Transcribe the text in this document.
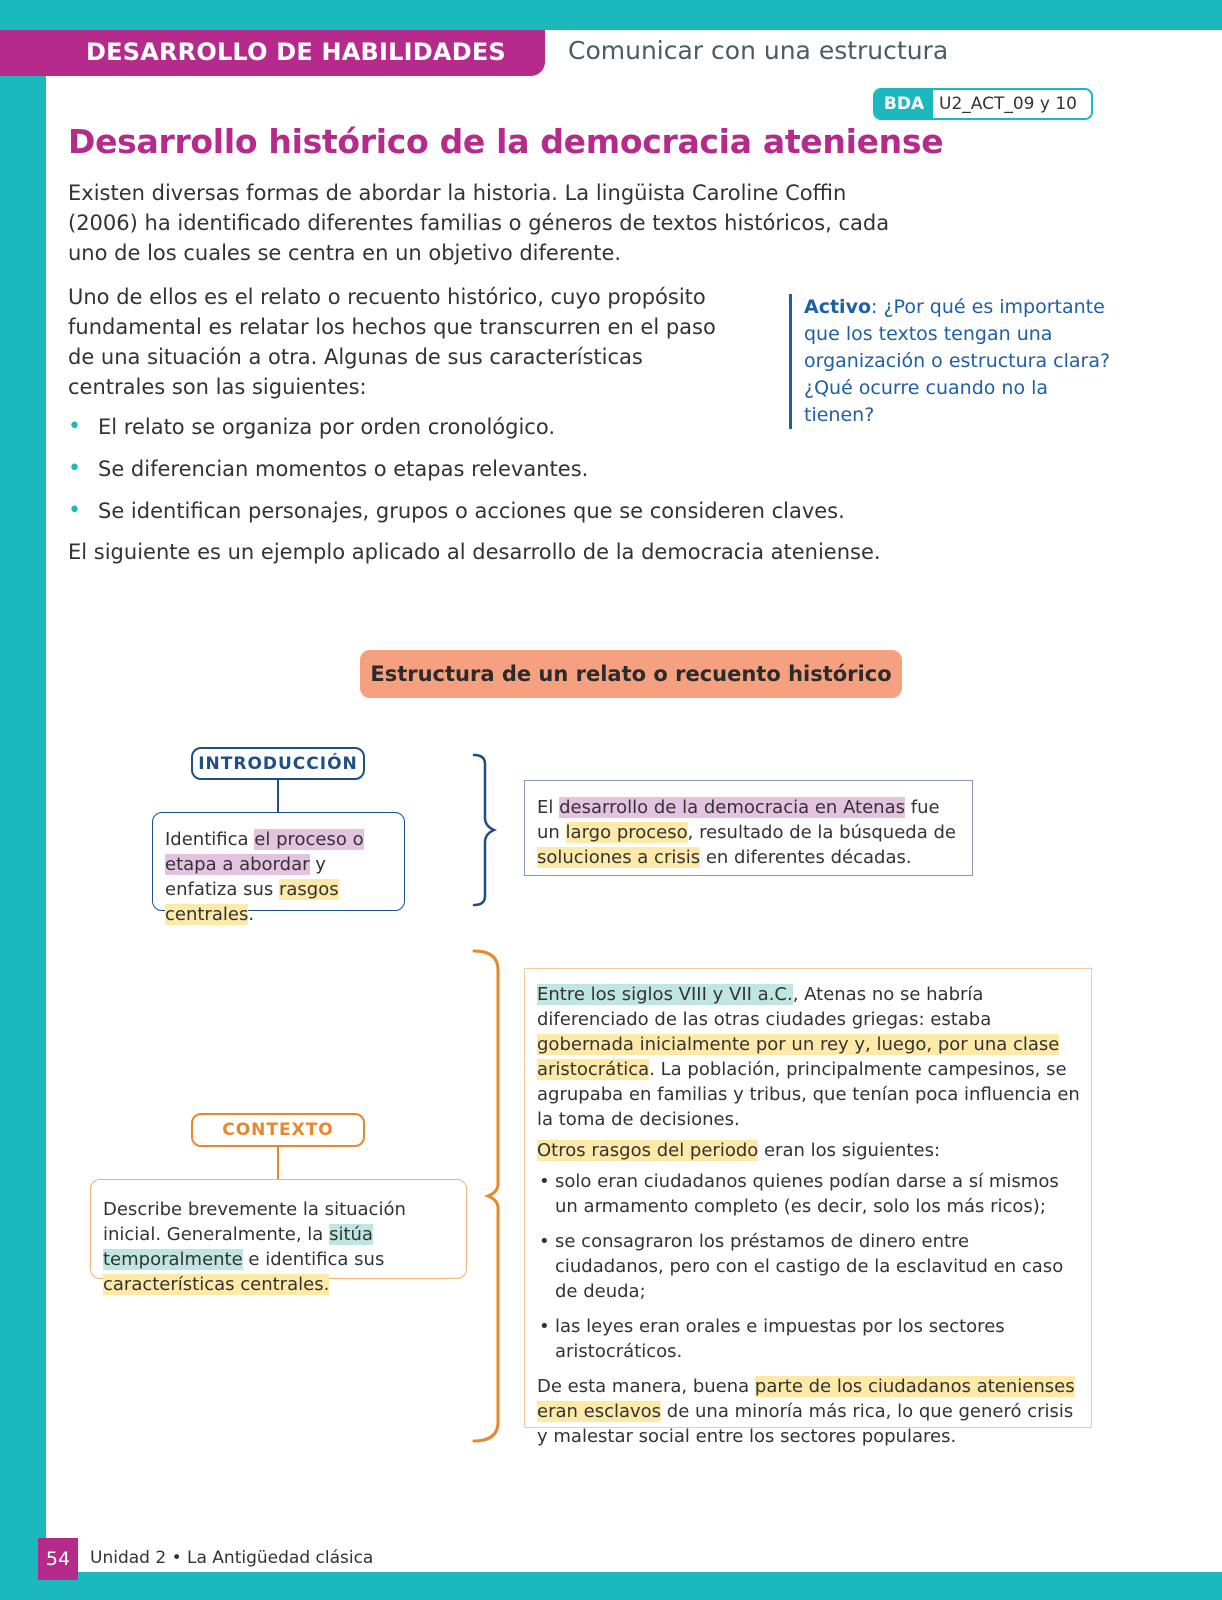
DESARROLLO DE HABILIDADES Comunicar con una estructura
BDA U2_ACT_09 y 10
Desarrollo histórico de la democracia ateniense

Existen diversas formas de abordar la historia. La lingüista Caroline Coffin (2006) ha identificado diferentes familias o géneros de textos históricos, cada uno de los cuales se centra en un objetivo diferente.

Uno de ellos es el relato o recuento histórico, cuyo propósito fundamental es relatar los hechos que transcurren en el paso de una situación a otra. Algunas de sus características centrales son las siguientes:

• El relato se organiza por orden cronológico.
• Se diferencian momentos o etapas relevantes.
• Se identifican personajes, grupos o acciones que se consideren claves.

El siguiente es un ejemplo aplicado al desarrollo de la democracia ateniense.

Activo: ¿Por qué es importante que los textos tengan una organización o estructura clara? ¿Qué ocurre cuando no la tienen?
Estructura de un relato o recuento histórico
INTRODUCCIÓN
Identifica el proceso o etapa a abordar y enfatiza sus rasgos centrales.
El desarrollo de la democracia en Atenas fue un largo proceso, resultado de la búsqueda de soluciones a crisis en diferentes décadas.
CONTEXTO
Describe brevemente la situación inicial. Generalmente, la sitúa temporalmente e identifica sus características centrales.

Entre los siglos VIII y VII a.C., Atenas no se habría diferenciado de las otras ciudades griegas: estaba gobernada inicialmente por un rey y, luego, por una clase aristocrática. La población, principalmente campesinos, se agrupaba en familias y tribus, que tenían poca influencia en la toma de decisiones.

Otros rasgos del periodo eran los siguientes:

• solo eran ciudadanos quienes podían darse a sí mismos un armamento completo (es decir, solo los más ricos);
• se consagraron los préstamos de dinero entre ciudadanos, pero con el castigo de la esclavitud en caso de deuda;
• las leyes eran orales e impuestas por los sectores aristocráticos.

De esta manera, buena parte de los ciudadanos atenienses eran esclavos de una minoría más rica, lo que generó crisis y malestar social entre los sectores populares.

54	Unidad 2 • La Antigüedad clásica
